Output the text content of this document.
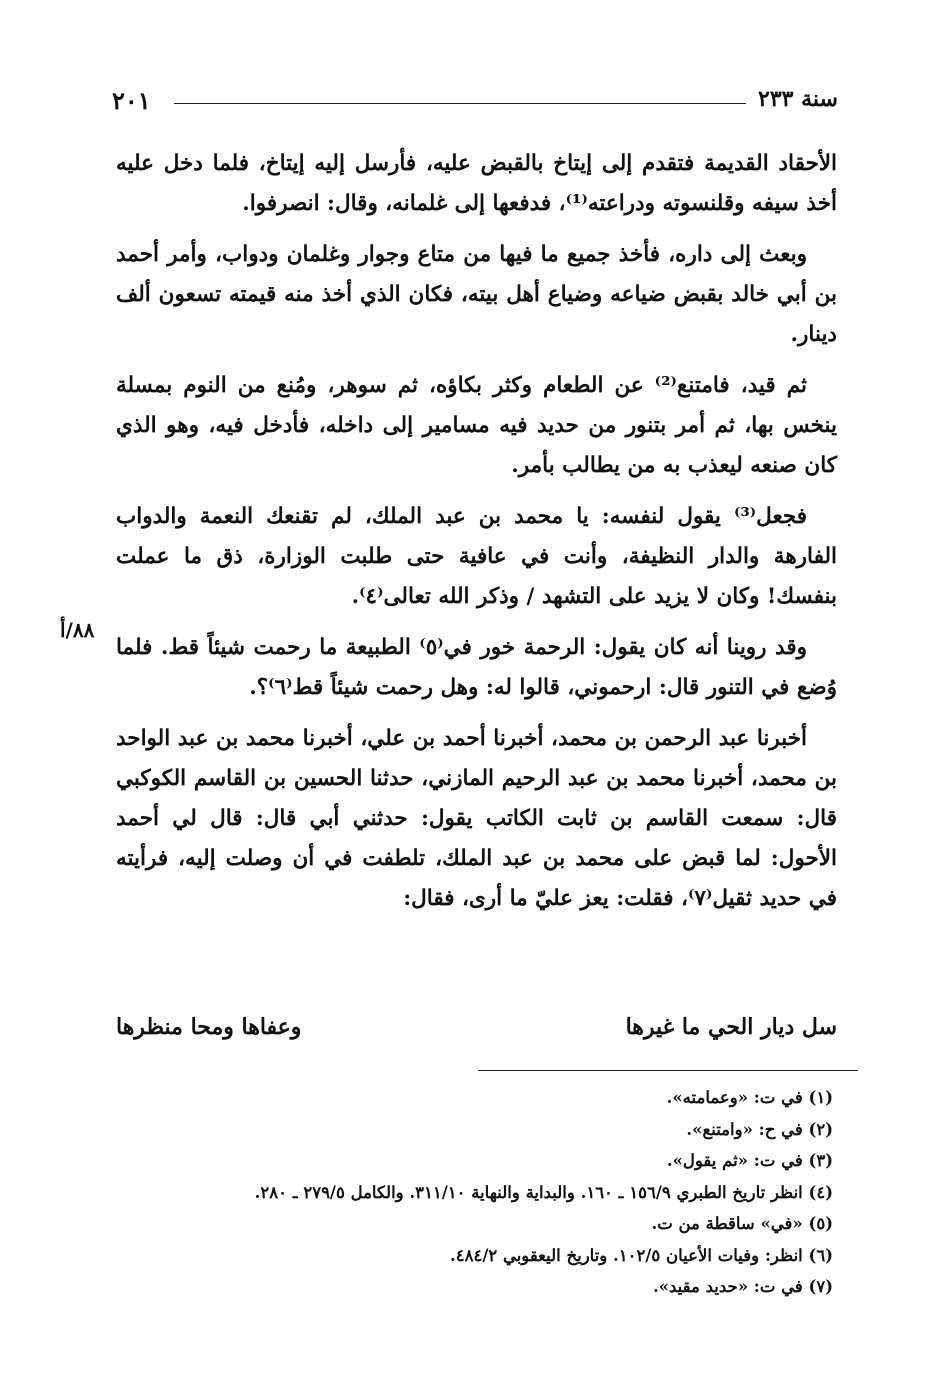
سنة ٢٣٣
٢٠١

الأحقاد القديمة فتقدم إلى إيتاخ بالقبض عليه، فأرسل إليه إيتاخ، فلما دخل عليه أخذ سيفه وقلنسوته ودراعته⁽¹⁾، فدفعها إلى غلمانه، وقال: انصرفوا.

وبعث إلى داره، فأخذ جميع ما فيها من متاع وجوار وغلمان ودواب، وأمر أحمد بن أبي خالد بقبض ضياعه وضياع أهل بيته، فكان الذي أخذ منه قيمته تسعون ألف دينار.

ثم قيد، فامتنع⁽²⁾ عن الطعام وكثر بكاؤه، ثم سوهر، ومُنع من النوم بمسلة ينخس بها، ثم أمر بتنور من حديد فيه مسامير إلى داخله، فأدخل فيه، وهو الذي كان صنعه ليعذب به من يطالب بأمر.

فجعل⁽³⁾ يقول لنفسه: يا محمد بن عبد الملك، لم تقنعك النعمة والدواب الفارهة والدار النظيفة، وأنت في عافية حتى طلبت الوزارة، ذق ما عملت بنفسك! وكان لا يزيد على التشهد / وذكر الله تعالى⁽٤⁾.

وقد روينا أنه كان يقول: الرحمة خور في⁽٥⁾ الطبيعة ما رحمت شيئاً قط. فلما وُضع في التنور قال: ارحموني، قالوا له: وهل رحمت شيئاً قط⁽٦⁾؟.

أخبرنا عبد الرحمن بن محمد، أخبرنا أحمد بن علي، أخبرنا محمد بن عبد الواحد بن محمد، أخبرنا محمد بن عبد الرحيم المازني، حدثنا الحسين بن القاسم الكوكبي قال: سمعت القاسم بن ثابت الكاتب يقول: حدثني أبي قال: قال لي أحمد الأحول: لما قبض على محمد بن عبد الملك، تلطفت في أن وصلت إليه، فرأيته في حديد ثقيل⁽٧⁾، فقلت: يعز عليّ ما أرى، فقال:

٨٨/أ
سل ديار الحي ما غيرها
وعفاها ومحا منظرها
(١) في ت: «وعمامته».
(٢) في ح: «وامتنع».
(٣) في ت: «ثم يقول».
(٤) انظر تاريخ الطبري ١٥٦/٩ ـ ١٦٠. والبداية والنهاية ٣١١/١٠. والكامل ٢٧٩/٥ ـ ٢٨٠.
(٥) «في» ساقطة من ت.
(٦) انظر: وفيات الأعيان ١٠٢/٥. وتاريخ اليعقوبي ٤٨٤/٢.
(٧) في ت: «حديد مقيد».
